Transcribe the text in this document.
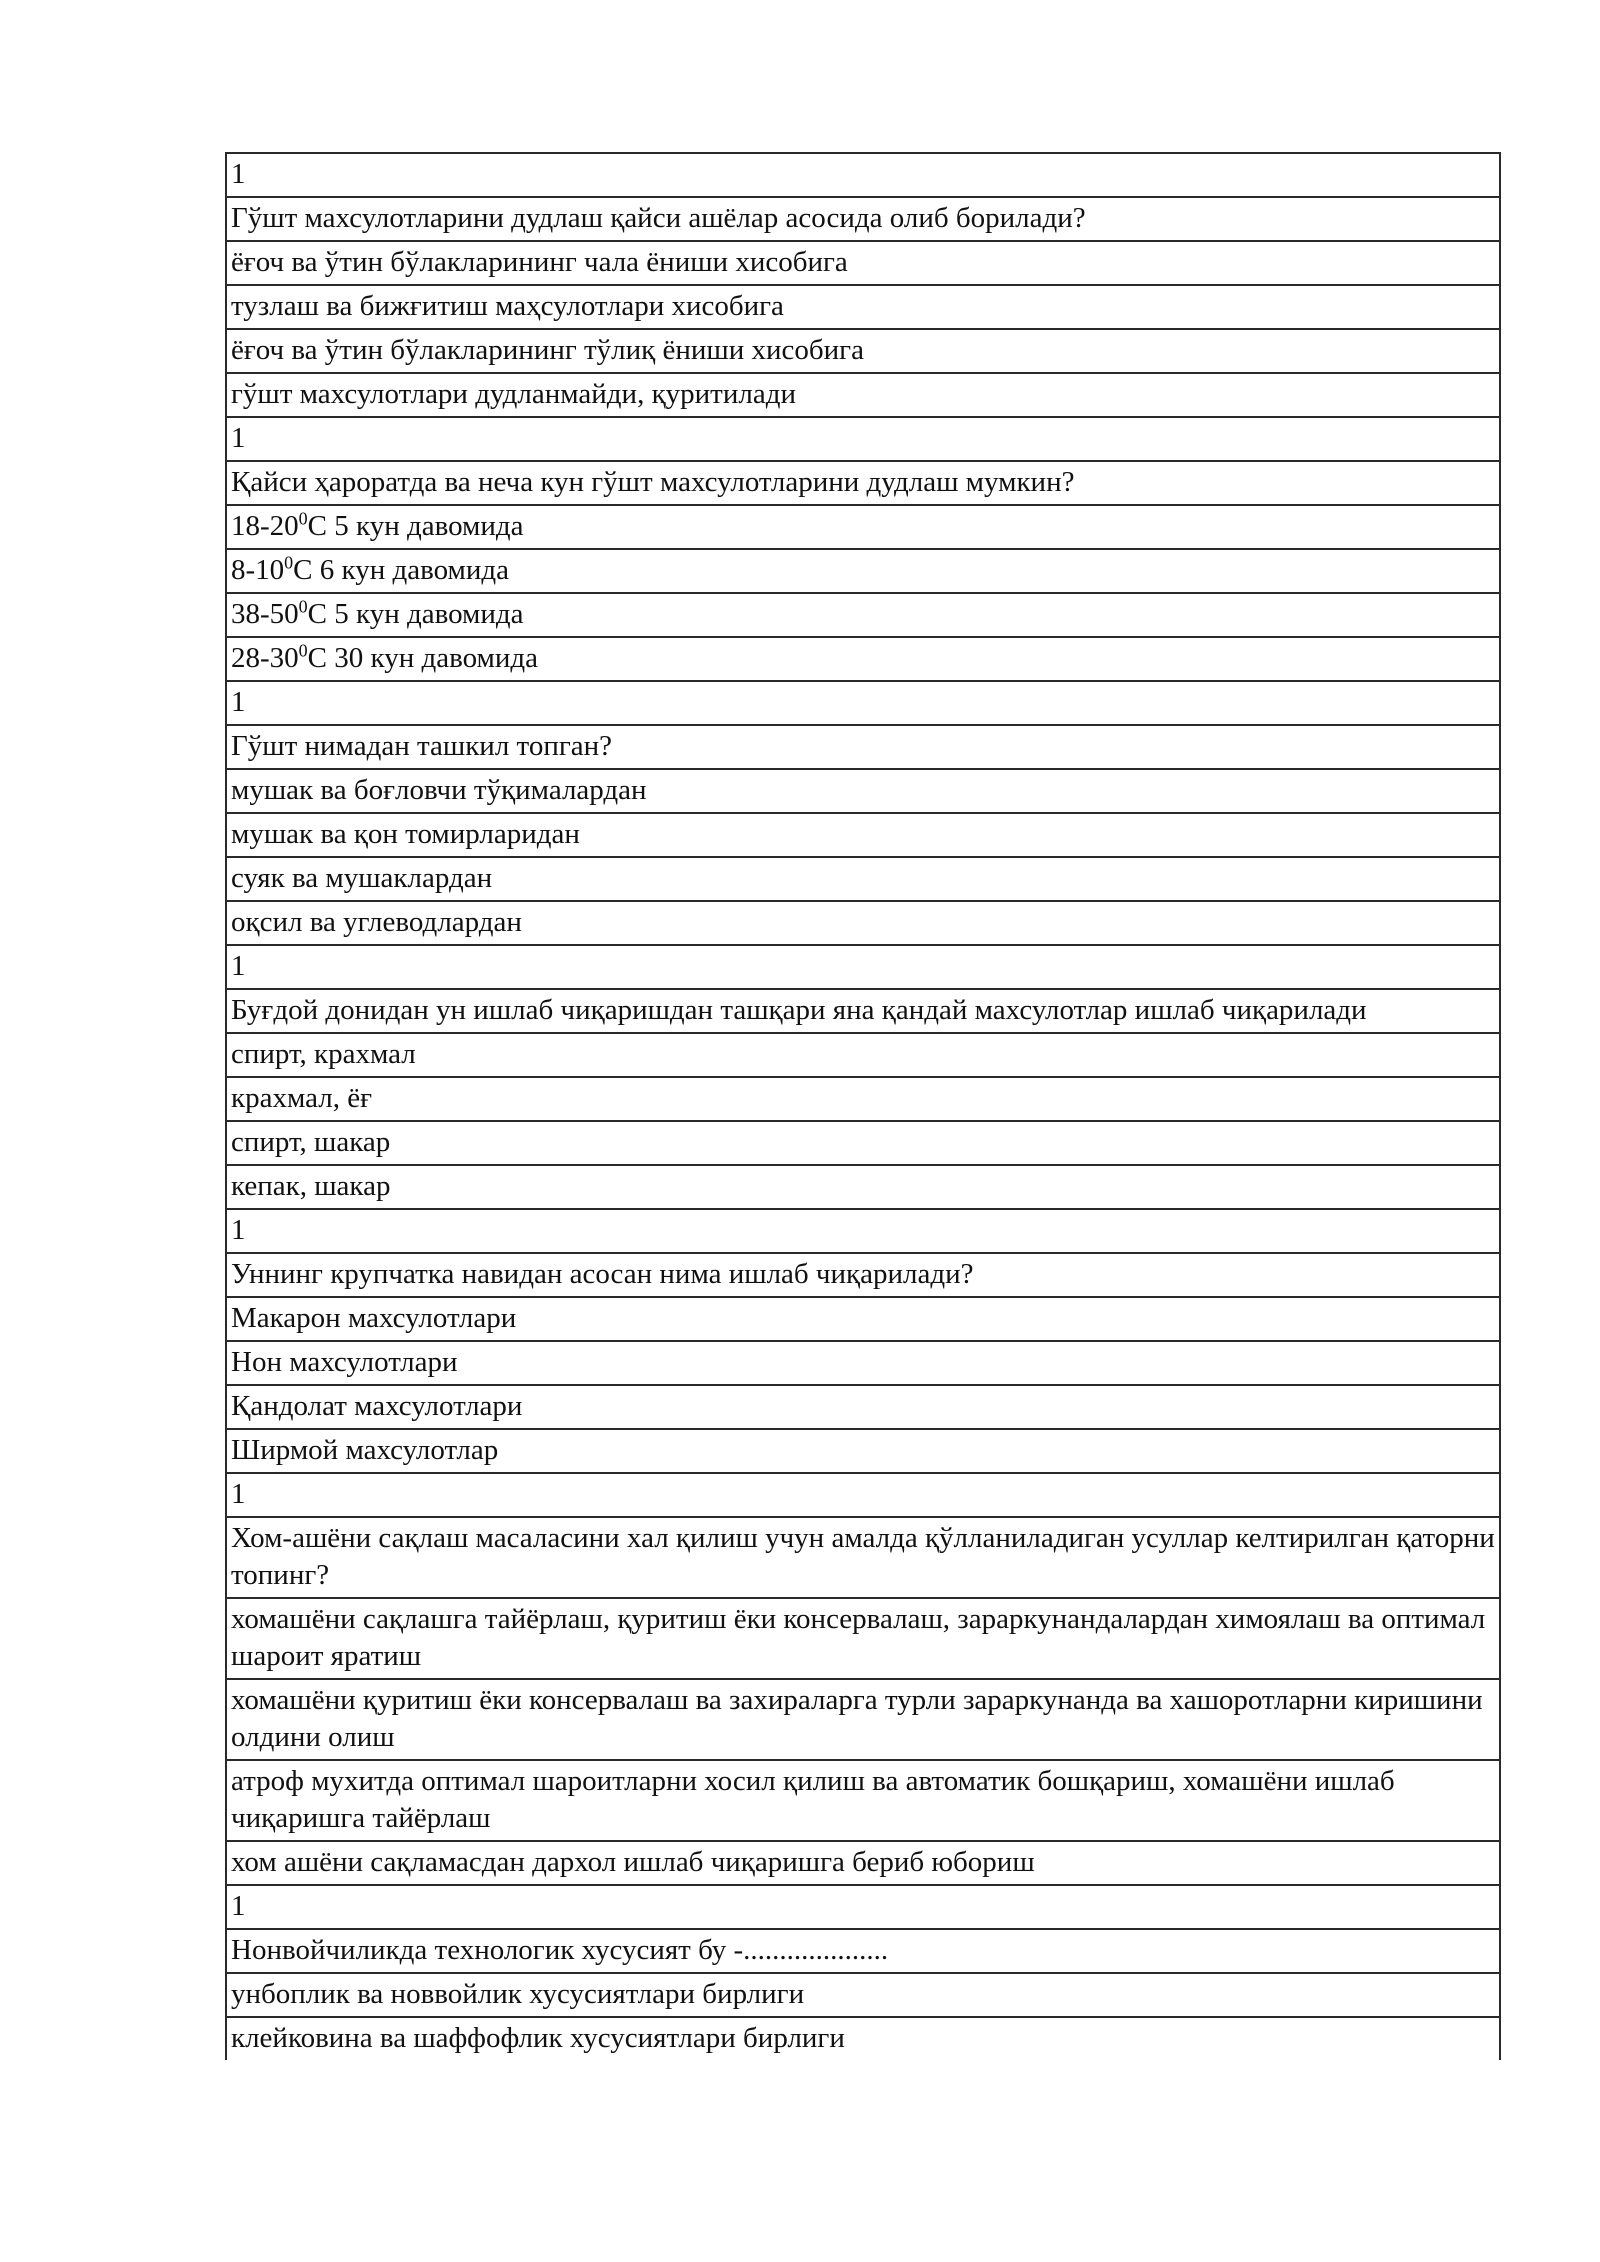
1
Гўшт махсулотларини дудлаш қайси ашёлар асосида олиб борилади?
ёғоч ва ўтин бўлакларининг чала ёниши хисобига
тузлаш ва бижғитиш маҳсулотлари хисобига
ёғоч ва ўтин бўлакларининг тўлиқ ёниши хисобига
гўшт махсулотлари дудланмайди, қуритилади
1
Қайси ҳароратда ва неча кун гўшт махсулотларини дудлаш мумкин?
$18-20^0С$ 5 кун давомида
$8-10^0С$ 6 кун давомида
$38-50^0С$ 5 кун давомида
$28-30^0С$ 30 кун давомида
1
Гўшт нимадан ташкил топган?
мушак ва боғловчи тўқималардан
мушак ва қон томирларидан
суяк ва мушаклардан
оқсил ва углеводлардан
1
Буғдой донидан ун ишлаб чиқаришдан ташқари яна қандай махсулотлар ишлаб чиқарилади
спирт, крахмал
крахмал, ёғ
спирт, шакар
кепак, шакар
1
Уннинг крупчатка навидан асосан нима ишлаб чиқарилади?
Макарон махсулотлари
Нон махсулотлари
Қандолат махсулотлари
Ширмой махсулотлар
1
Хом-ашёни сақлаш масаласини хал қилиш учун амалда қўлланиладиган усуллар келтирилган қаторни топинг?
хомашёни сақлашга тайёрлаш, қуритиш ёки консервалаш, зараркунандалардан химоялаш ва оптимал шароит яратиш
хомашёни қуритиш ёки консервалаш ва захираларга турли зараркунанда ва хашоротларни киришини олдини олиш
атроф мухитда оптимал шароитларни хосил қилиш ва автоматик бошқариш, хомашёни ишлаб чиқаришга тайёрлаш
хом ашёни сақламасдан дархол ишлаб чиқаришга бериб юбориш
1
Нонвойчиликда технологик хусусият бу -....................
унбоплик ва новвойлик хусусиятлари бирлиги
клейковина ва шаффофлик хусусиятлари бирлиги
